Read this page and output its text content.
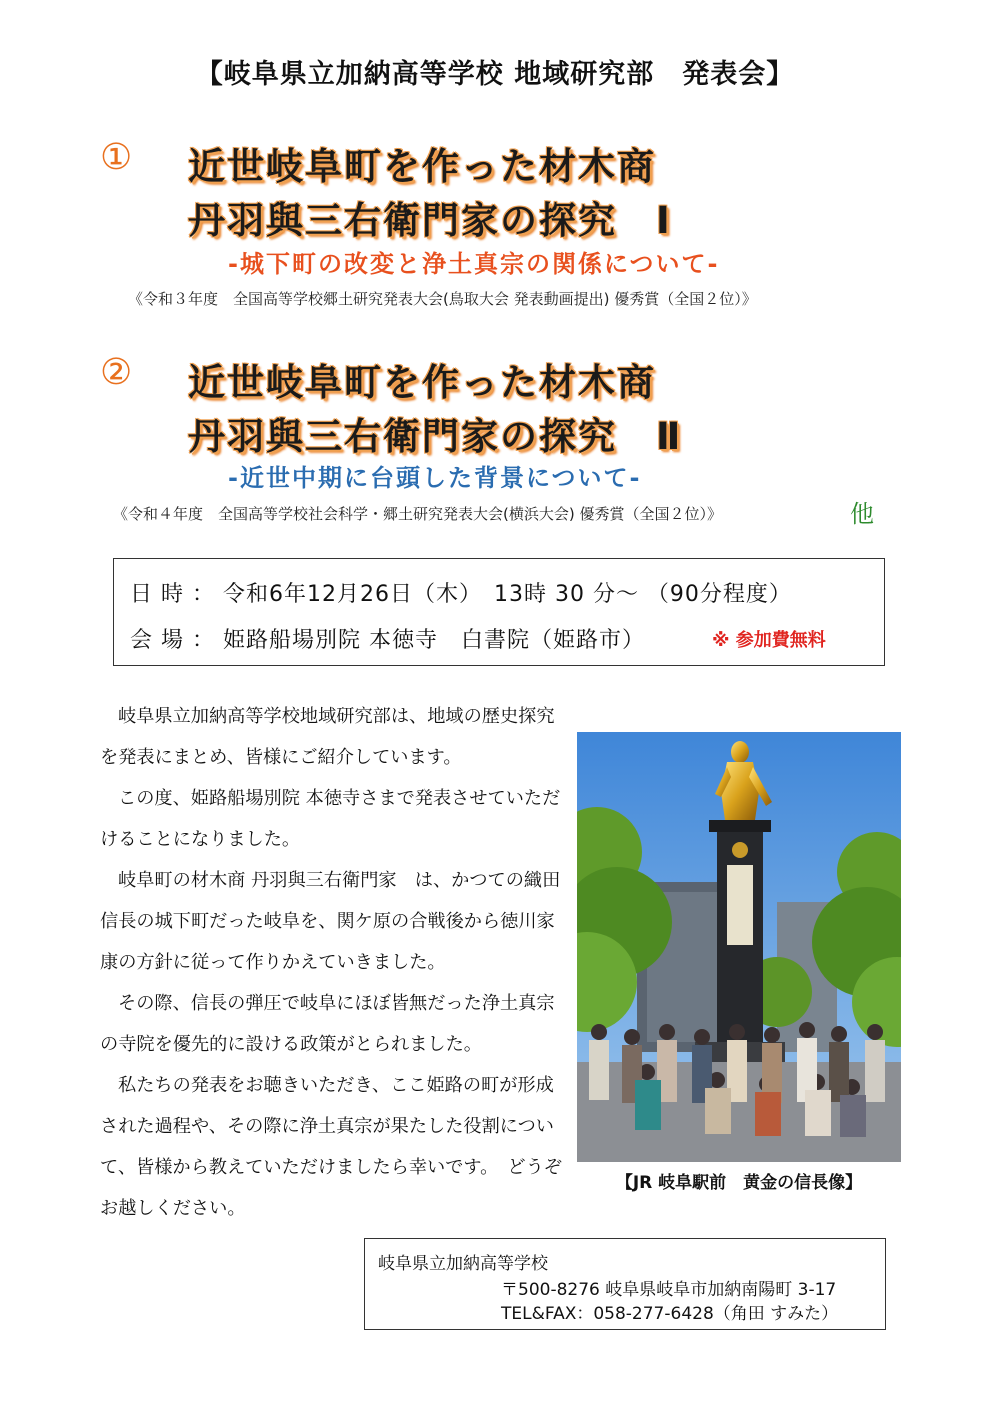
【岐阜県立加納高等学校 地域研究部　発表会】
① 近世岐阜町を作った材木商
丹羽與三右衛門家の探究　Ⅰ
-城下町の改変と浄土真宗の関係について-
《令和３年度　全国高等学校郷土研究発表大会(鳥取大会 発表動画提出) 優秀賞（全国２位）》
② 近世岐阜町を作った材木商
丹羽與三右衛門家の探究　Ⅱ
-近世中期に台頭した背景について-
《令和４年度　全国高等学校社会科学・郷土研究発表大会(横浜大会) 優秀賞（全国２位）》	他
日 時 ： 令和6年12月26日（木）　13時 30 分～ （90分程度）
会 場 ： 姫路船場別院 本徳寺　白書院（姫路市）	※ 参加費無料

岐阜県立加納高等学校地域研究部は、地域の歴史探究を発表にまとめ、皆様にご紹介しています。

この度、姫路船場別院 本徳寺さまで発表させていただけることになりました。

岐阜町の材木商 丹羽與三右衛門家　は、かつての織田信長の城下町だった岐阜を、関ケ原の合戦後から徳川家康の方針に従って作りかえていきました。

その際、信長の弾圧で岐阜にほぼ皆無だった浄土真宗の寺院を優先的に設ける政策がとられました。

私たちの発表をお聴きいただき、ここ姫路の町が形成された過程や、その際に浄土真宗が果たした役割について、皆様から教えていただけましたら幸いです。　どうぞお越しください。

【JR 岐阜駅前　黄金の信長像】
岐阜県立加納高等学校
〒500-8276 岐阜県岐阜市加納南陽町 3-17
TEL&FAX：058-277-6428（角田 すみた）
